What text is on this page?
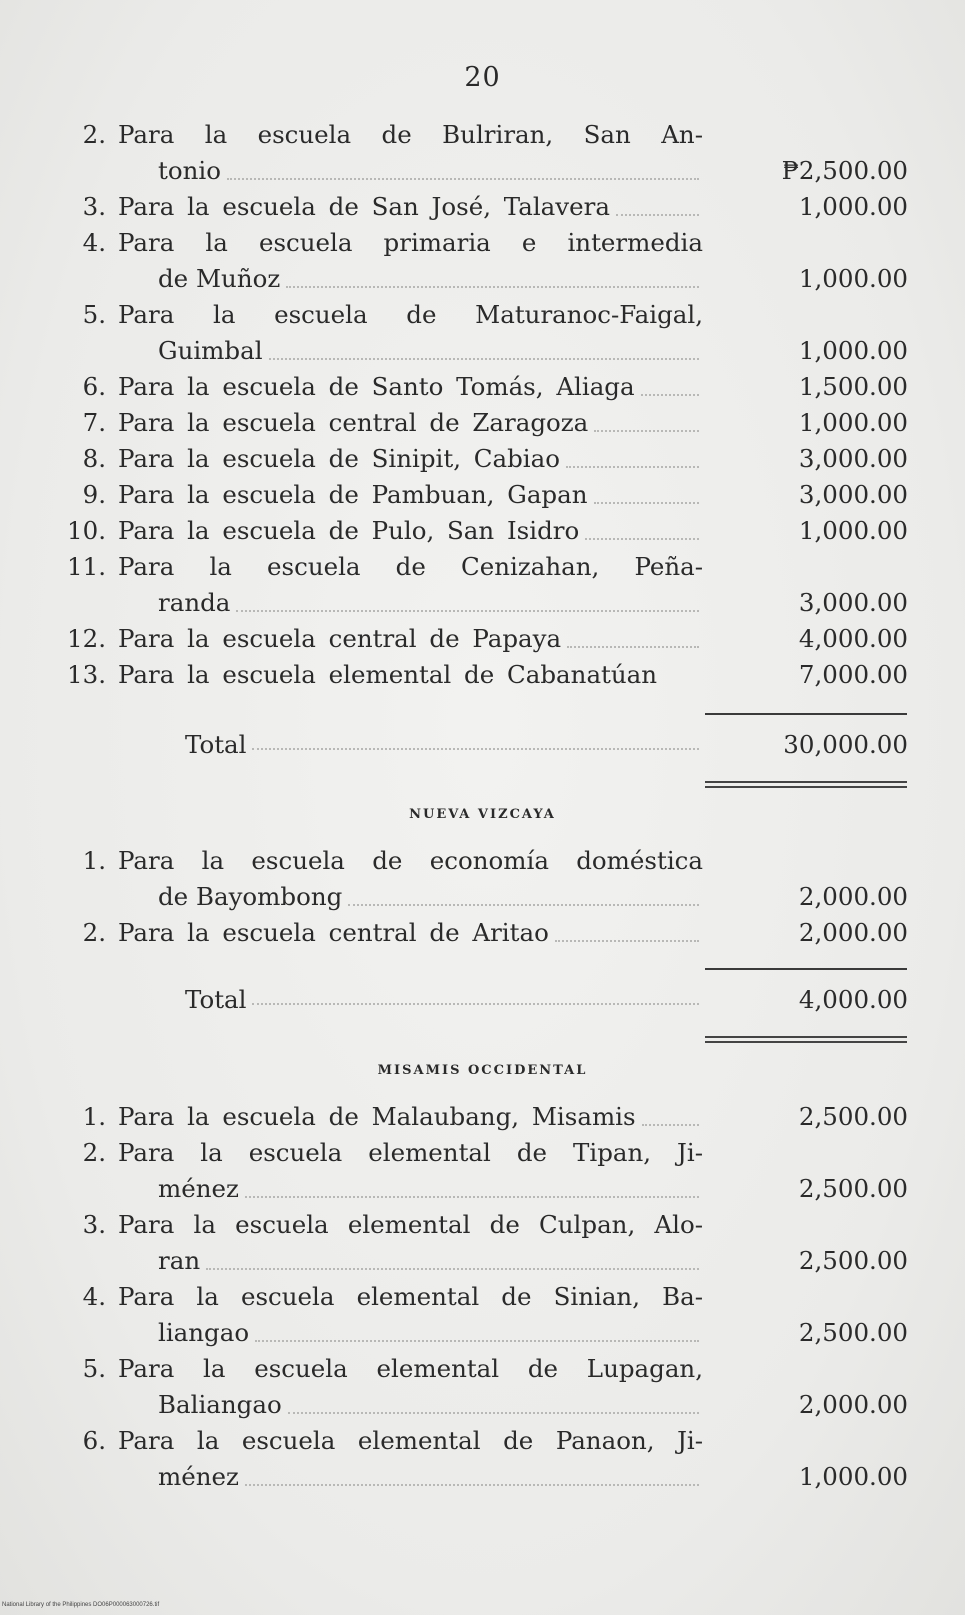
20
2. Para la escuela de Bulriran, San An-
tonio	₱2,500.00
3. Para la escuela de San José, Talavera	1,000.00
4. Para la escuela primaria e intermedia
de Muñoz	1,000.00
5. Para la escuela de Maturanoc-Faigal,
Guimbal	1,000.00
6. Para la escuela de Santo Tomás, Aliaga	1,500.00
7. Para la escuela central de Zaragoza	1,000.00
8. Para la escuela de Sinipit, Cabiao	3,000.00
9. Para la escuela de Pambuan, Gapan	3,000.00
10. Para la escuela de Pulo, San Isidro	1,000.00
11. Para la escuela de Cenizahan, Peña-
randa	3,000.00
12. Para la escuela central de Papaya	4,000.00
13. Para la escuela elemental de Cabanatúan	7,000.00
Total	30,000.00
NUEVA VIZCAYA
1. Para la escuela de economía doméstica
de Bayombong	2,000.00
2. Para la escuela central de Aritao	2,000.00
Total	4,000.00
MISAMIS OCCIDENTAL
1. Para la escuela de Malaubang, Misamis	2,500.00
2. Para la escuela elemental de Tipan, Ji-
ménez	2,500.00
3. Para la escuela elemental de Culpan, Alo-
ran	2,500.00
4. Para la escuela elemental de Sinian, Ba-
liangao	2,500.00
5. Para la escuela elemental de Lupagan,
Baliangao	2,000.00
6. Para la escuela elemental de Panaon, Ji-
ménez	1,000.00
National Library of the Philippines DO06P000063000726.tif
